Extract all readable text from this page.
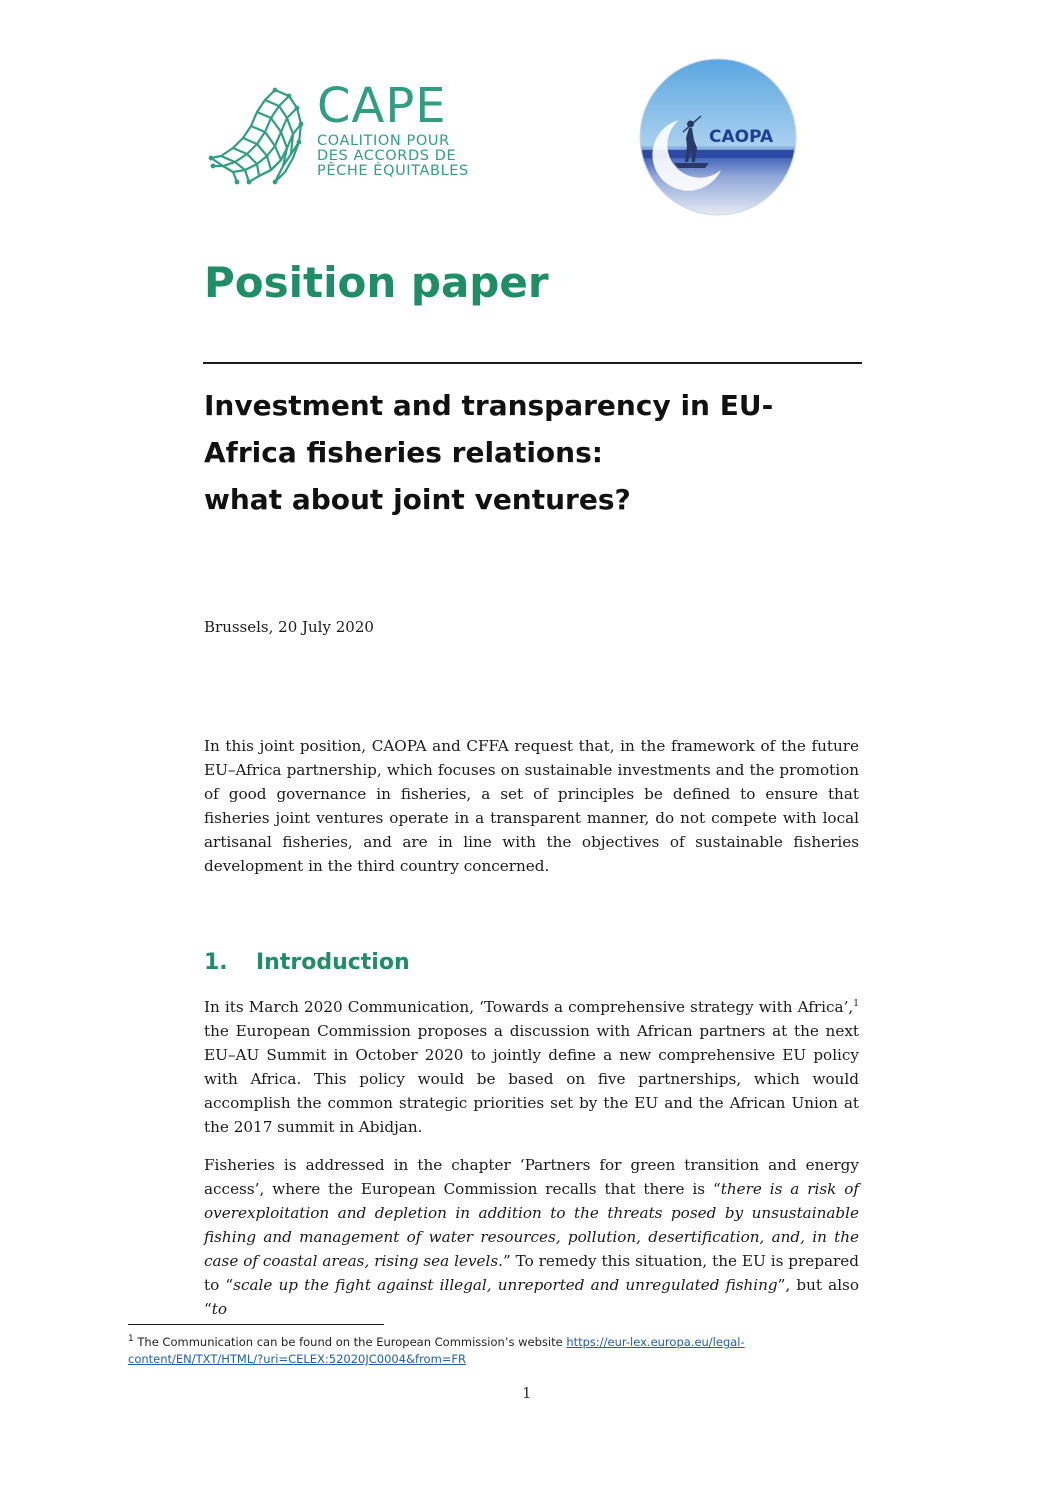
CAPE
COALITION POUR
DES ACCORDS DE
PÊCHE ÉQUITABLES
CAOPA
Position paper
Investment and transparency in EU-
Africa fisheries relations:
what about joint ventures?
Brussels, 20 July 2020

In this joint position, CAOPA and CFFA request that, in the framework of the future EU–Africa partnership, which focuses on sustainable investments and the promotion of good governance in fisheries, a set of principles be defined to ensure that fisheries joint ventures operate in a transparent manner, do not compete with local artisanal fisheries, and are in line with the objectives of sustainable fisheries development in the third country concerned.

1. Introduction

In its March 2020 Communication, ‘Towards a comprehensive strategy with Africa’,$^1$ the European Commission proposes a discussion with African partners at the next EU–AU Summit in October 2020 to jointly define a new comprehensive EU policy with Africa. This policy would be based on five partnerships, which would accomplish the common strategic priorities set by the EU and the African Union at the 2017 summit in Abidjan.

Fisheries is addressed in the chapter ‘Partners for green transition and energy access’, where the European Commission recalls that there is “there is a risk of overexploitation and depletion in addition to the threats posed by unsustainable fishing and management of water resources, pollution, desertification, and, in the case of coastal areas, rising sea levels.” To remedy this situation, the EU is prepared to “scale up the fight against illegal, unreported and unregulated fishing”, but also “to

$^1$ The Communication can be found on the European Commission’s website https://eur-lex.europa.eu/legal-content/EN/TXT/HTML/?uri=CELEX:52020JC0004&from=FR
1
